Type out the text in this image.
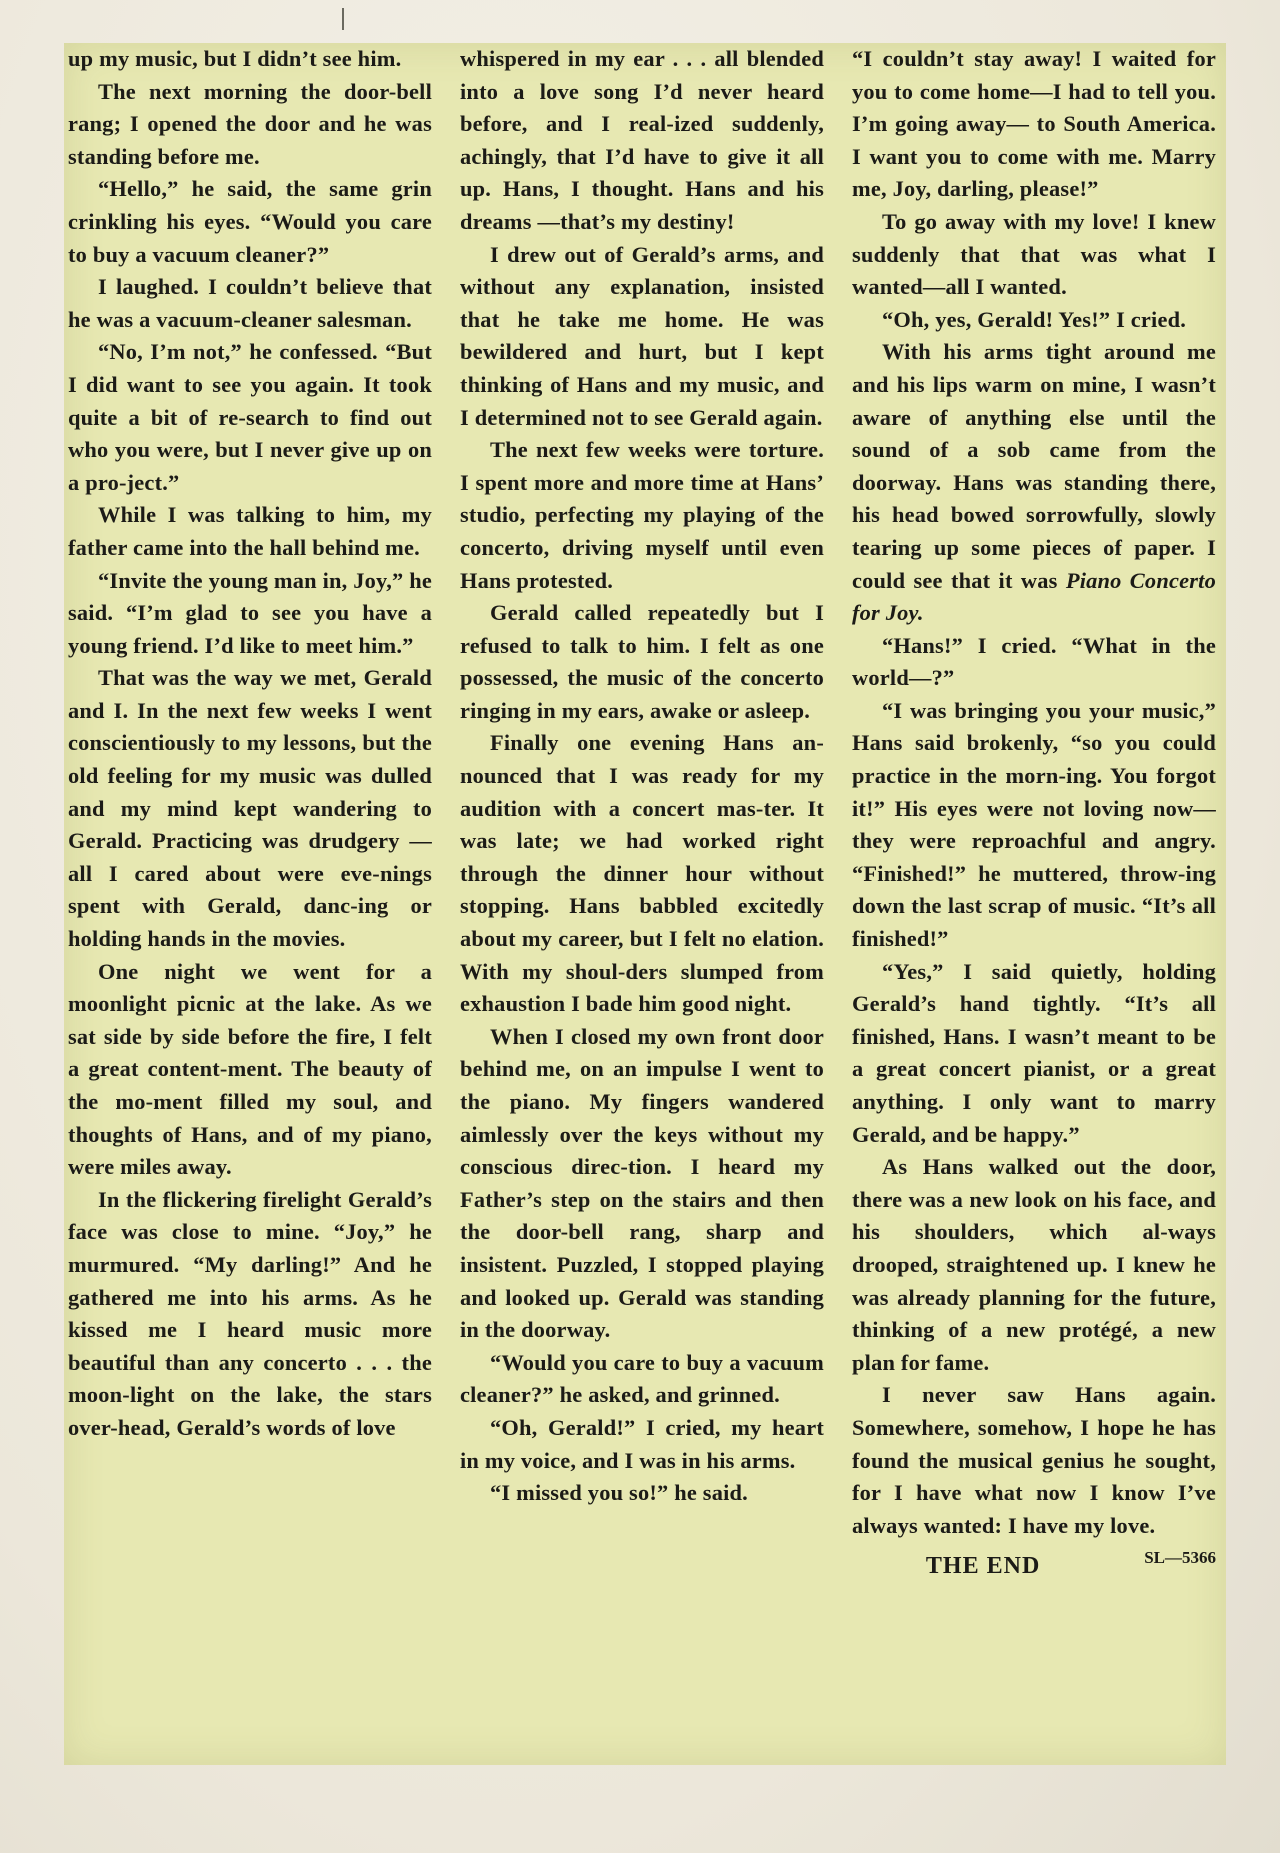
up my music, but I didn’t see him.

The next morning the door-bell rang; I opened the door and he was standing before me.

“Hello,” he said, the same grin crinkling his eyes. “Would you care to buy a vacuum cleaner?”

I laughed. I couldn’t believe that he was a vacuum-cleaner salesman.

“No, I’m not,” he confessed. “But I did want to see you again. It took quite a bit of re-search to find out who you were, but I never give up on a pro-ject.”

While I was talking to him, my father came into the hall behind me.

“Invite the young man in, Joy,” he said. “I’m glad to see you have a young friend. I’d like to meet him.”

That was the way we met, Gerald and I. In the next few weeks I went conscientiously to my lessons, but the old feeling for my music was dulled and my mind kept wandering to Gerald. Practicing was drudgery —all I cared about were eve-nings spent with Gerald, danc-ing or holding hands in the movies.

One night we went for a moonlight picnic at the lake. As we sat side by side before the fire, I felt a great content-ment. The beauty of the mo-ment filled my soul, and thoughts of Hans, and of my piano, were miles away.

In the flickering firelight Gerald’s face was close to mine. “Joy,” he murmured. “My darling!” And he gathered me into his arms. As he kissed me I heard music more beautiful than any concerto . . . the moon-light on the lake, the stars over-head, Gerald’s words of love

whispered in my ear . . . all blended into a love song I’d never heard before, and I real-ized suddenly, achingly, that I’d have to give it all up. Hans, I thought. Hans and his dreams —that’s my destiny!

I drew out of Gerald’s arms, and without any explanation, insisted that he take me home. He was bewildered and hurt, but I kept thinking of Hans and my music, and I determined not to see Gerald again.

The next few weeks were torture. I spent more and more time at Hans’ studio, perfecting my playing of the concerto, driving myself until even Hans protested.

Gerald called repeatedly but I refused to talk to him. I felt as one possessed, the music of the concerto ringing in my ears, awake or asleep.

Finally one evening Hans an-nounced that I was ready for my audition with a concert mas-ter. It was late; we had worked right through the dinner hour without stopping. Hans babbled excitedly about my career, but I felt no elation. With my shoul-ders slumped from exhaustion I bade him good night.

When I closed my own front door behind me, on an impulse I went to the piano. My fingers wandered aimlessly over the keys without my conscious direc-tion. I heard my Father’s step on the stairs and then the door-bell rang, sharp and insistent. Puzzled, I stopped playing and looked up. Gerald was standing in the doorway.

“Would you care to buy a vacuum cleaner?” he asked, and grinned.

“Oh, Gerald!” I cried, my heart in my voice, and I was in his arms.

“I missed you so!” he said.

“I couldn’t stay away! I waited for you to come home—I had to tell you. I’m going away— to South America. I want you to come with me. Marry me, Joy, darling, please!”

To go away with my love! I knew suddenly that that was what I wanted—all I wanted.

“Oh, yes, Gerald! Yes!” I cried.

With his arms tight around me and his lips warm on mine, I wasn’t aware of anything else until the sound of a sob came from the doorway. Hans was standing there, his head bowed sorrowfully, slowly tearing up some pieces of paper. I could see that it was Piano Concerto for Joy.

“Hans!” I cried. “What in the world—?”

“I was bringing you your music,” Hans said brokenly, “so you could practice in the morn-ing. You forgot it!” His eyes were not loving now—they were reproachful and angry. “Finished!” he muttered, throw-ing down the last scrap of music. “It’s all finished!”

“Yes,” I said quietly, holding Gerald’s hand tightly. “It’s all finished, Hans. I wasn’t meant to be a great concert pianist, or a great anything. I only want to marry Gerald, and be happy.”

As Hans walked out the door, there was a new look on his face, and his shoulders, which al-ways drooped, straightened up. I knew he was already planning for the future, thinking of a new protégé, a new plan for fame.

I never saw Hans again. Somewhere, somehow, I hope he has found the musical genius he sought, for I have what now I know I’ve always wanted: I have my love.
SL—5366

THE END
